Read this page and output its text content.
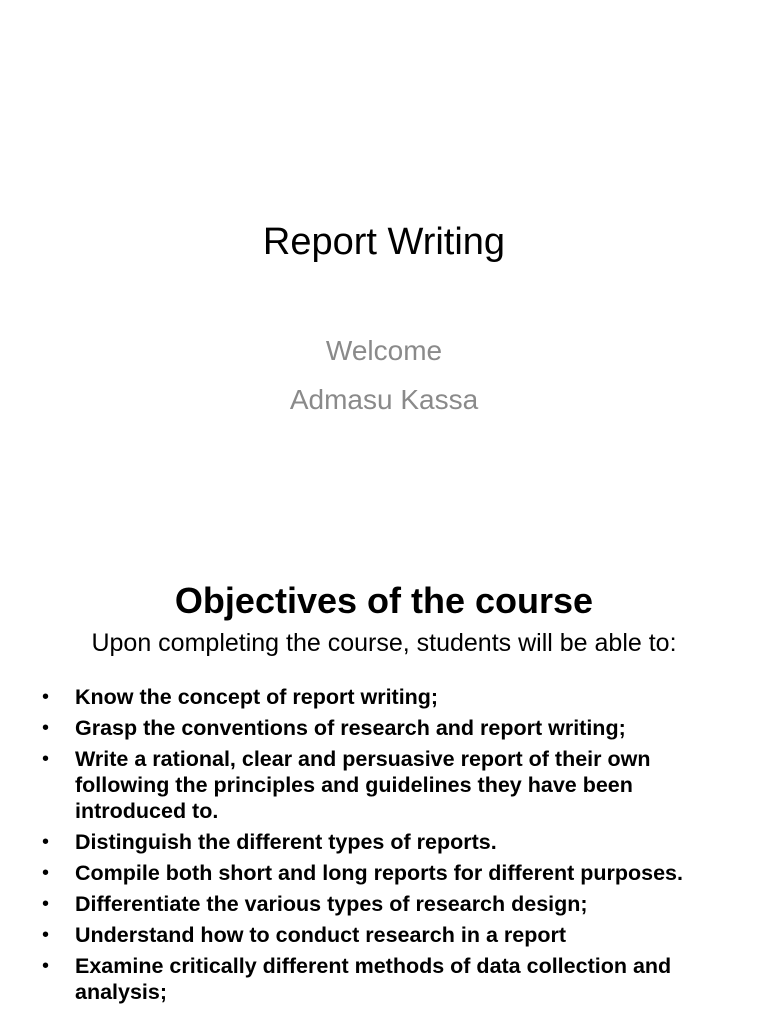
Report Writing
Welcome
Admasu Kassa
Objectives of the course
Upon completing the course, students will be able to:
• Know the concept of report writing;
• Grasp the conventions of research and report writing;
• Write a rational, clear and persuasive report of their own following the principles and guidelines they have been introduced to.
• Distinguish the different types of reports.
• Compile both short and long reports for different purposes.
• Differentiate the various types of research design;
• Understand how to conduct research in a report
• Examine critically different methods of data collection and analysis;
